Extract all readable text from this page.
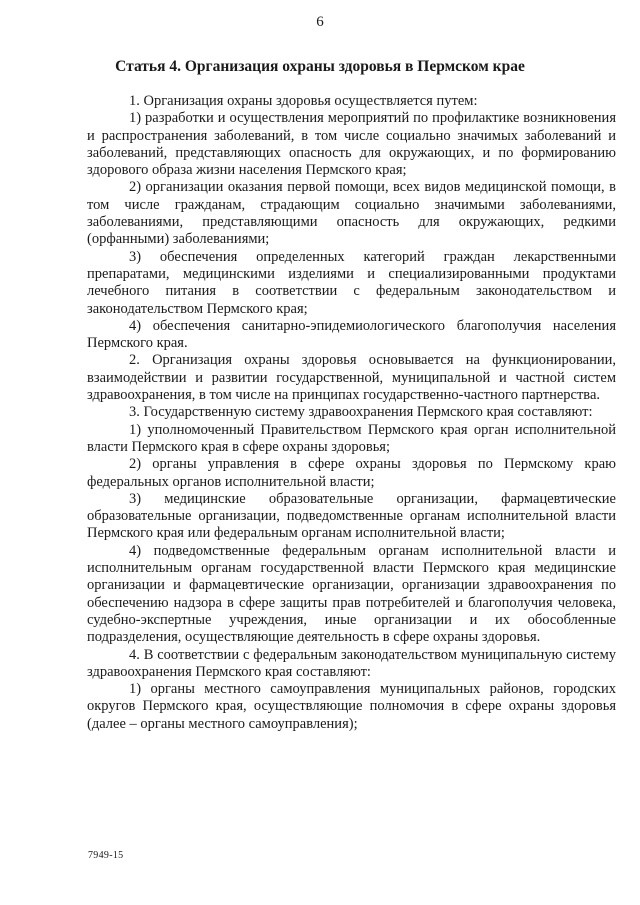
6
Статья 4. Организация охраны здоровья в Пермском крае

1. Организация охраны здоровья осуществляется путем:

1) разработки и осуществления мероприятий по профилактике возникновения и распространения заболеваний, в том числе социально значимых заболеваний и заболеваний, представляющих опасность для окружающих, и по формированию здорового образа жизни населения Пермского края;

2) организации оказания первой помощи, всех видов медицинской помощи, в том числе гражданам, страдающим социально значимыми заболеваниями, заболеваниями, представляющими опасность для окружающих, редкими (орфанными) заболеваниями;

3) обеспечения определенных категорий граждан лекарственными препаратами, медицинскими изделиями и специализированными продуктами лечебного питания в соответствии с федеральным законодательством и законодательством Пермского края;

4) обеспечения санитарно-эпидемиологического благополучия населения Пермского края.

2. Организация охраны здоровья основывается на функционировании, взаимодействии и развитии государственной, муниципальной и частной систем здравоохранения, в том числе на принципах государственно-частного партнерства.

3. Государственную систему здравоохранения Пермского края составляют:

1) уполномоченный Правительством Пермского края орган исполнительной власти Пермского края в сфере охраны здоровья;

2) органы управления в сфере охраны здоровья по Пермскому краю федеральных органов исполнительной власти;

3) медицинские образовательные организации, фармацевтические образовательные организации, подведомственные органам исполнительной власти Пермского края или федеральным органам исполнительной власти;

4) подведомственные федеральным органам исполнительной власти и исполнительным органам государственной власти Пермского края медицинские организации и фармацевтические организации, организации здравоохранения по обеспечению надзора в сфере защиты прав потребителей и благополучия человека, судебно-экспертные учреждения, иные организации и их обособленные подразделения, осуществляющие деятельность в сфере охраны здоровья.

4. В соответствии с федеральным законодательством муниципальную систему здравоохранения Пермского края составляют:

1) органы местного самоуправления муниципальных районов, городских округов Пермского края, осуществляющие полномочия в сфере охраны здоровья (далее – органы местного самоуправления);

7949-15
